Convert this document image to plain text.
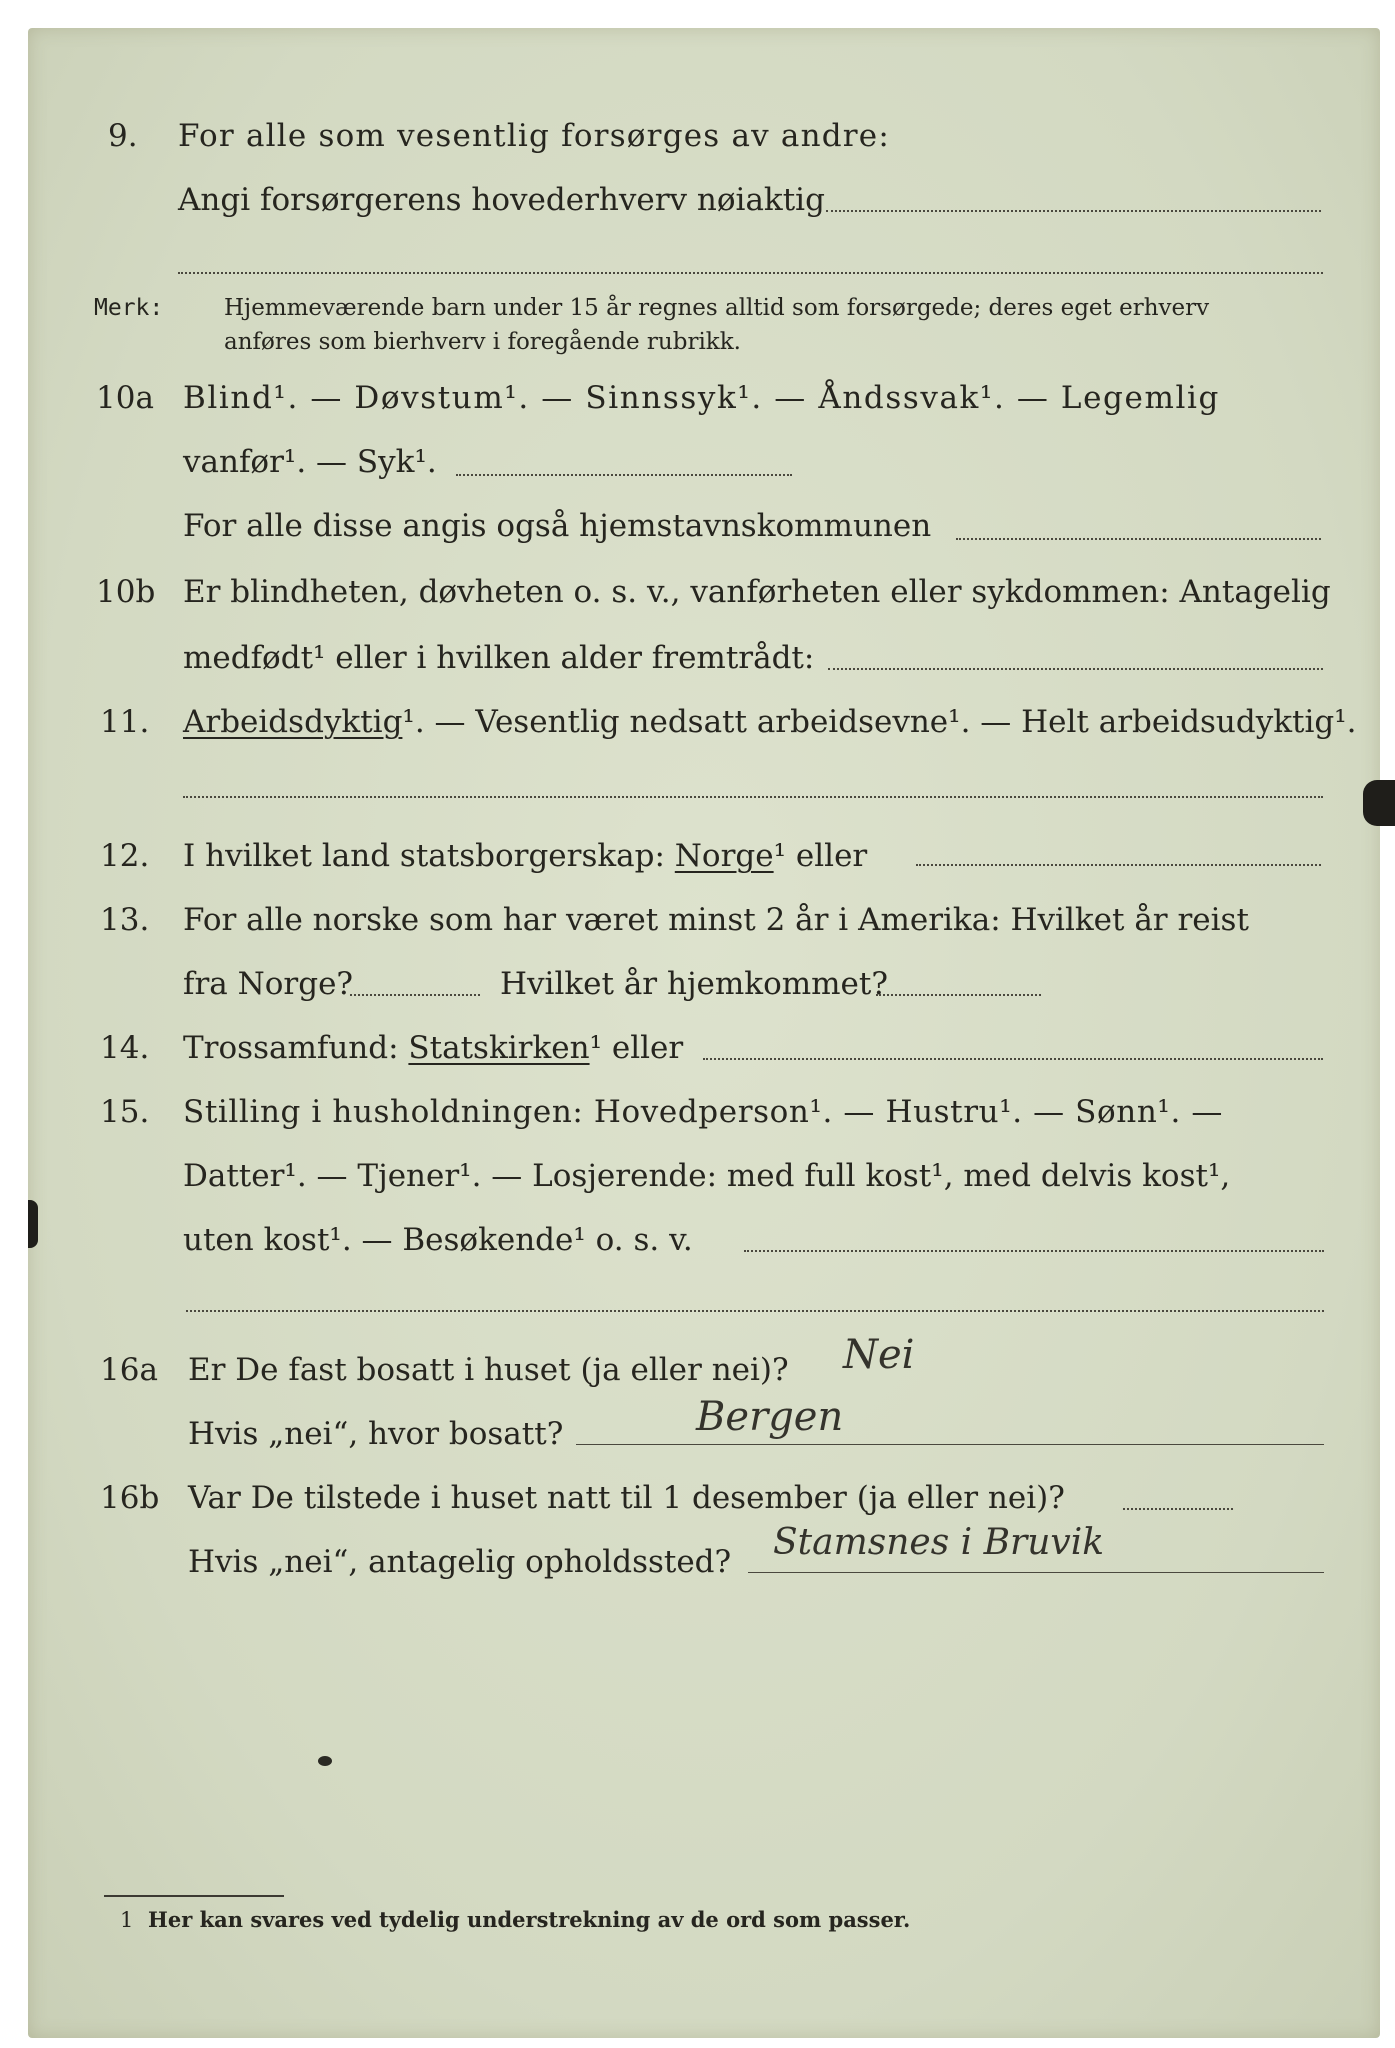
9. For alle som vesentlig forsørges av andre:
Angi forsørgerens hovederhverv nøiaktig
Merk:	Hjemmeværende barn under 15 år regnes alltid som forsørgede; deres eget erhverv
anføres som bierhverv i foregående rubrikk.
10a Blind¹. — Døvstum¹. — Sinnssyk¹. — Åndssvak¹. — Legemlig
vanfør¹. — Syk¹.
For alle disse angis også hjemstavnskommunen
10b Er blindheten, døvheten o. s. v., vanførheten eller sykdommen: Antagelig
medfødt¹ eller i hvilken alder fremtrådt:
11. Arbeidsdyktig¹. — Vesentlig nedsatt arbeidsevne¹. — Helt arbeidsudyktig¹.
12. I hvilket land statsborgerskap: Norge¹ eller
13. For alle norske som har været minst 2 år i Amerika: Hvilket år reist
fra Norge?	Hvilket år hjemkommet?
14. Trossamfund: Statskirken¹ eller
15. Stilling i husholdningen: Hovedperson¹. — Hustru¹. — Sønn¹. —
Datter¹. — Tjener¹. — Losjerende: med full kost¹, med delvis kost¹,
uten kost¹. — Besøkende¹ o. s. v.
16a Er De fast bosatt i huset (ja eller nei)? Nei
Hvis „nei“, hvor bosatt?	Bergen
16b Var De tilstede i huset natt til 1 desember (ja eller nei)?
Hvis „nei“, antagelig opholdssted? Stamsnes i Bruvik
1 Her kan svares ved tydelig understrekning av de ord som passer.
